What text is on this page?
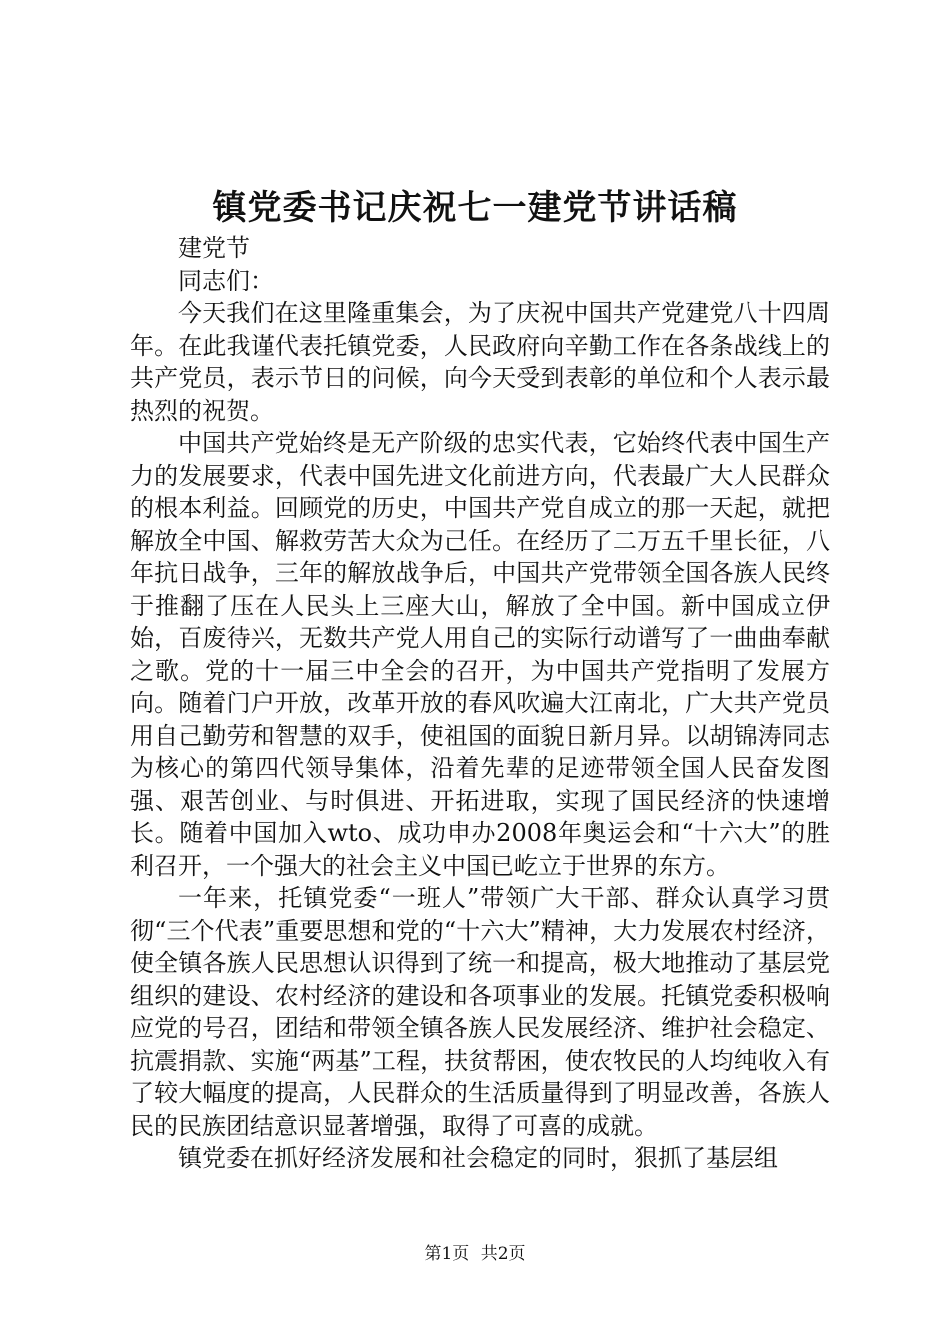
镇党委书记庆祝七一建党节讲话稿

建党节

同志们：

今天我们在这里隆重集会，为了庆祝中国共产党建党八十四周年。在此我谨代表托镇党委，人民政府向辛勤工作在各条战线上的共产党员，表示节日的问候，向今天受到表彰的单位和个人表示最热烈的祝贺。

中国共产党始终是无产阶级的忠实代表，它始终代表中国生产力的发展要求，代表中国先进文化前进方向，代表最广大人民群众的根本利益。回顾党的历史，中国共产党自成立的那一天起，就把解放全中国、解救劳苦大众为己任。在经历了二万五千里长征，八年抗日战争，三年的解放战争后，中国共产党带领全国各族人民终于推翻了压在人民头上三座大山，解放了全中国。新中国成立伊始，百废待兴，无数共产党人用自己的实际行动谱写了一曲曲奉献之歌。党的十一届三中全会的召开，为中国共产党指明了发展方向。随着门户开放，改革开放的春风吹遍大江南北，广大共产党员用自己勤劳和智慧的双手，使祖国的面貌日新月异。以胡锦涛同志为核心的第四代领导集体，沿着先辈的足迹带领全国人民奋发图强、艰苦创业、与时俱进、开拓进取，实现了国民经济的快速增长。随着中国加入wto、成功申办2008年奥运会和“十六大”的胜利召开，一个强大的社会主义中国已屹立于世界的东方。

一年来，托镇党委“一班人”带领广大干部、群众认真学习贯彻“三个代表”重要思想和党的“十六大”精神，大力发展农村经济，使全镇各族人民思想认识得到了统一和提高，极大地推动了基层党组织的建设、农村经济的建设和各项事业的发展。托镇党委积极响应党的号召，团结和带领全镇各族人民发展经济、维护社会稳定、抗震捐款、实施“两基”工程，扶贫帮困，使农牧民的人均纯收入有了较大幅度的提高，人民群众的生活质量得到了明显改善，各族人民的民族团结意识显著增强，取得了可喜的成就。

镇党委在抓好经济发展和社会稳定的同时，狠抓了基层组

第1页 共2页
